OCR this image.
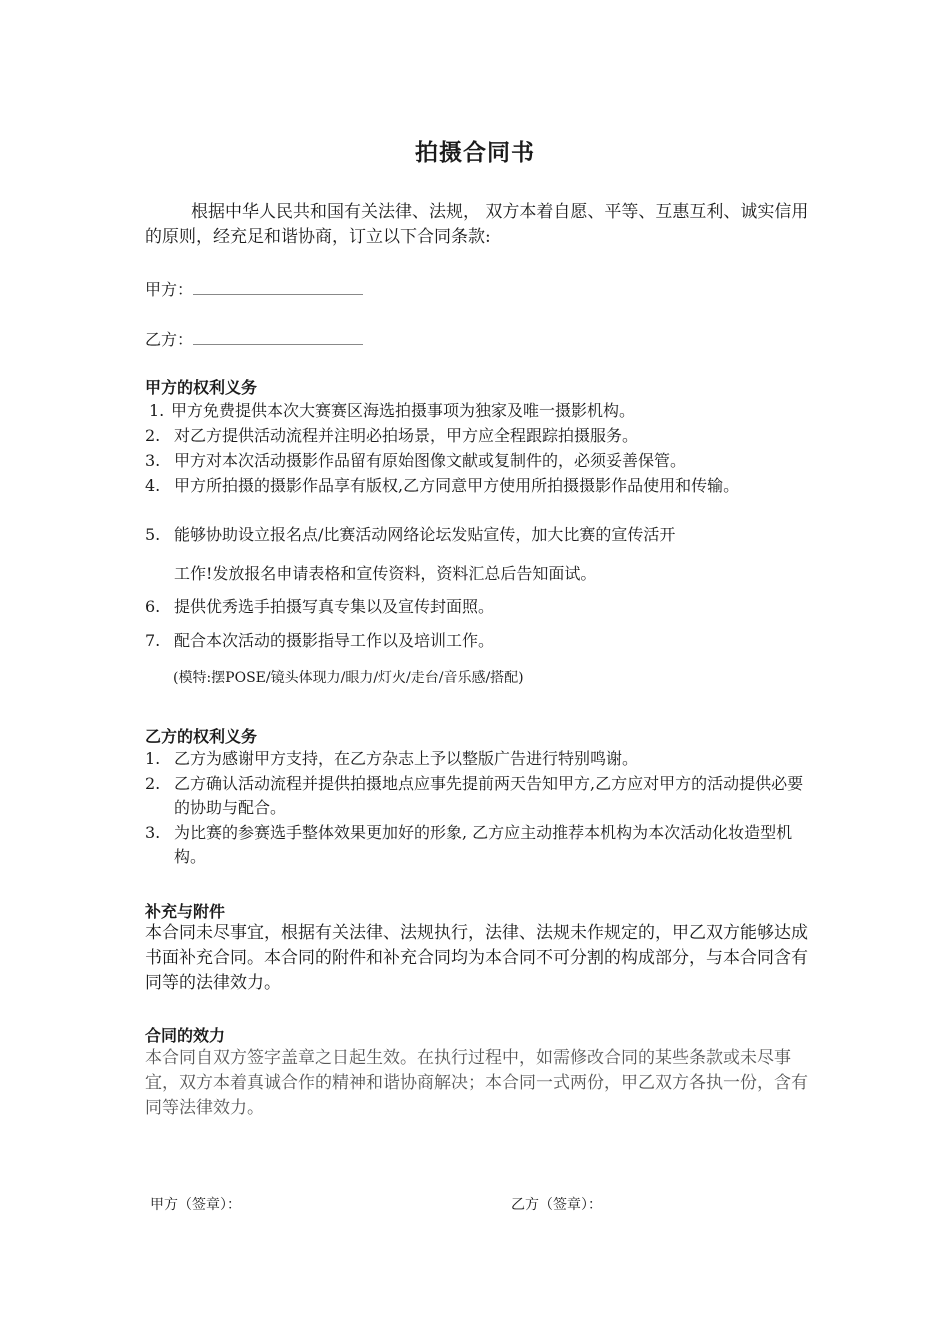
拍摄合同书
根据中华人民共和国有关法律、法规， 双方本着自愿、平等、互惠互利、诚实信用的原则，经充足和谐协商，订立以下合同条款:
甲方：
乙方：
甲方的权利义务
1. 甲方免费提供本次大赛赛区海选拍摄事项为独家及唯一摄影机构。
2. 对乙方提供活动流程并注明必拍场景，甲方应全程跟踪拍摄服务。
3. 甲方对本次活动摄影作品留有原始图像文献或复制件的，必须妥善保管。
4. 甲方所拍摄的摄影作品享有版权,乙方同意甲方使用所拍摄摄影作品使用和传输。
5. 能够协助设立报名点/比赛活动网络论坛发贴宣传，加大比赛的宣传活开
工作!发放报名申请表格和宣传资料，资料汇总后告知面试。
6. 提供优秀选手拍摄写真专集以及宣传封面照。
7. 配合本次活动的摄影指导工作以及培训工作。
(模特:摆POSE/镜头体现力/眼力/灯火/走台/音乐感/搭配)
乙方的权利义务
1. 乙方为感谢甲方支持，在乙方杂志上予以整版广告进行特别鸣谢。
2. 乙方确认活动流程并提供拍摄地点应事先提前两天告知甲方,乙方应对甲方的活动提供必要的协助与配合。
3. 为比赛的参赛选手整体效果更加好的形象, 乙方应主动推荐本机构为本次活动化妆造型机构。
补充与附件
本合同未尽事宜，根据有关法律、法规执行，法律、法规未作规定的，甲乙双方能够达成书面补充合同。本合同的附件和补充合同均为本合同不可分割的构成部分，与本合同含有同等的法律效力。
合同的效力
本合同自双方签字盖章之日起生效。在执行过程中，如需修改合同的某些条款或未尽事宜，双方本着真诚合作的精神和谐协商解决；本合同一式两份，甲乙双方各执一份，含有同等法律效力。
甲方（签章）：	乙方（签章）：
